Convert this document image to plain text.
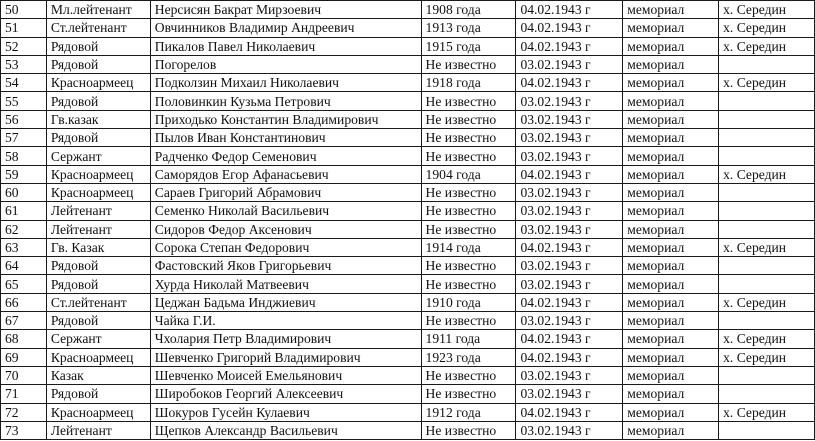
50	Мл.лейтенант	Нерсисян Бакрат Мирзоевич	1908 года	04.02.1943 г	мемориал	х. Середин
51	Ст.лейтенант	Овчинников Владимир Андреевич	1913 года	04.02.1943 г	мемориал	х. Середин
52	Рядовой	Пикалов Павел Николаевич	1915 года	04.02.1943 г	мемориал	х. Середин
53	Рядовой	Погорелов	Не известно	03.02.1943 г	мемориал	
54	Красноармеец	Подколзин Михаил Николаевич	1918 года	04.02.1943 г	мемориал	х. Середин
55	Рядовой	Половинкин Кузьма Петрович	Не известно	03.02.1943 г	мемориал	
56	Гв.казак	Приходько Константин Владимирович	Не известно	03.02.1943 г	мемориал	
57	Рядовой	Пылов Иван Константинович	Не известно	03.02.1943 г	мемориал	
58	Сержант	Радченко Федор Семенович	Не известно	03.02.1943 г	мемориал	
59	Красноармеец	Саморядов Егор Афанасьевич	1904 года	04.02.1943 г	мемориал	х. Середин
60	Красноармеец	Сараев Григорий Абрамович	Не известно	03.02.1943 г	мемориал	
61	Лейтенант	Семенко Николай Васильевич	Не известно	03.02.1943 г	мемориал	
62	Лейтенант	Сидоров Федор Аксенович	Не известно	03.02.1943 г	мемориал	
63	Гв. Казак	Сорока Степан Федорович	1914 года	04.02.1943 г	мемориал	х. Середин
64	Рядовой	Фастовский Яков Григорьевич	Не известно	03.02.1943 г	мемориал	
65	Рядовой	Хурда Николай Матвеевич	Не известно	03.02.1943 г	мемориал	
66	Ст.лейтенант	Цеджан Бадьма Инджиевич	1910 года	04.02.1943 г	мемориал	х. Середин
67	Рядовой	Чайка Г.И.	Не известно	03.02.1943 г	мемориал	
68	Сержант	Чхолария Петр Владимирович	1911 года	04.02.1943 г	мемориал	х. Середин
69	Красноармеец	Шевченко Григорий Владимирович	1923 года	04.02.1943 г	мемориал	х. Середин
70	Казак	Шевченко Моисей Емельянович	Не известно	03.02.1943 г	мемориал	
71	Рядовой	Широбоков Георгий Алексеевич	Не известно	03.02.1943 г	мемориал	
72	Красноармеец	Шокуров Гусейн Кулаевич	1912 года	04.02.1943 г	мемориал	х. Середин
73	Лейтенант	Щепков Александр Васильевич	Не известно	03.02.1943 г	мемориал	
